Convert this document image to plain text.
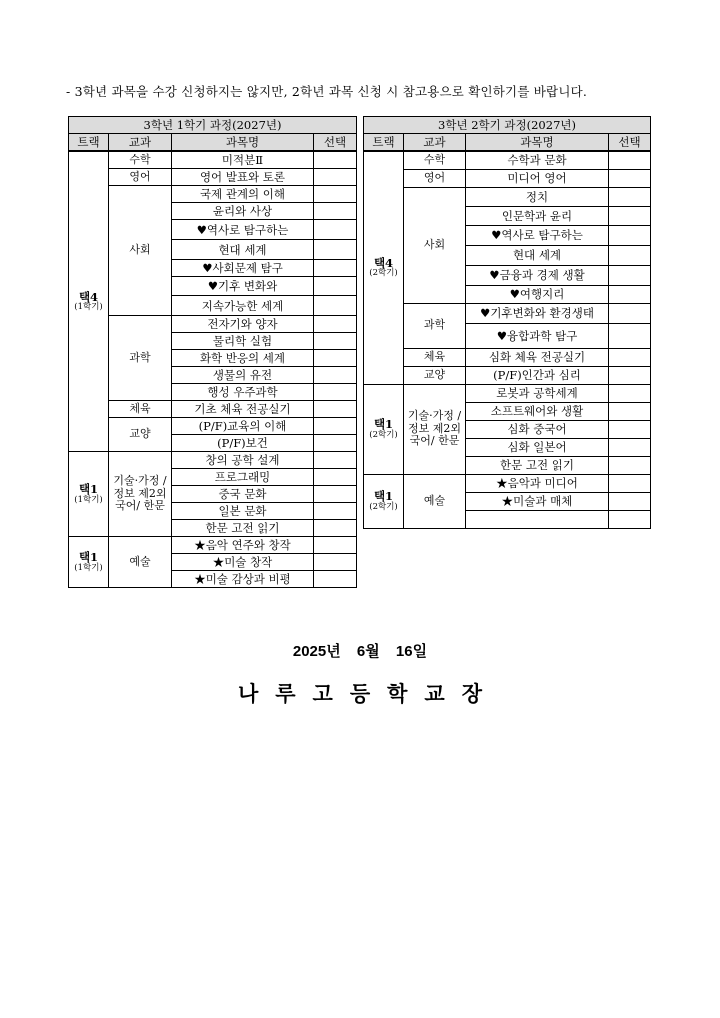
- 3학년 과목을 수강 신청하지는 않지만, 2학년 과목 신청 시 참고용으로 확인하기를 바랍니다.
3학년 1학기 과정(2027년)			
트랙	교과	과목명	선택

택4
(1학기)	수학	미적분Ⅱ	
	영어	영어 발표와 토론	
	사회	국제 관계의 이해	
		윤리와 사상	
		♥역사로 탐구하는	
		현대 세계	
		♥사회문제 탐구	
		♥기후 변화와	
		지속가능한 세계	
	과학	전자기와 양자	
		물리학 실험	
		화학 반응의 세계	
		생물의 유전	
		행성 우주과학	
	체육	기초 체육 전공실기	
	교양	(P/F)교육의 이해	
		(P/F)보건	

택1
(1학기)	기술·가정 / 정보 제2외국어/ 한문	창의 공학 설계	
		프로그래밍	
		중국 문화	
		일본 문화	
		한문 고전 읽기	

택1
(1학기)	예술	★음악 연주와 창작	
		★미술 창작	
		★미술 감상과 비평	
3학년 2학기 과정(2027년)			
트랙	교과	과목명	선택

택4
(2학기)	수학	수학과 문화	
	영어	미디어 영어	
	사회	정치	
		인문학과 윤리	
		♥역사로 탐구하는	
		현대 세계	
		♥금융과 경제 생활	
		♥여행지리	
	과학	♥기후변화와 환경생태	
		♥융합과학 탐구	
	체육	심화 체육 전공실기	
	교양	(P/F)인간과 심리	

택1
(2학기)	기술·가정 / 정보 제2외국어/ 한문	로봇과 공학세계	
		소프트웨어와 생활	
		심화 중국어	
		심화 일본어	
		한문 고전 읽기	

택1
(2학기)	예술	★음악과 미디어	
		★미술과 매체	

2025년 6월 16일
나루고등학교장
